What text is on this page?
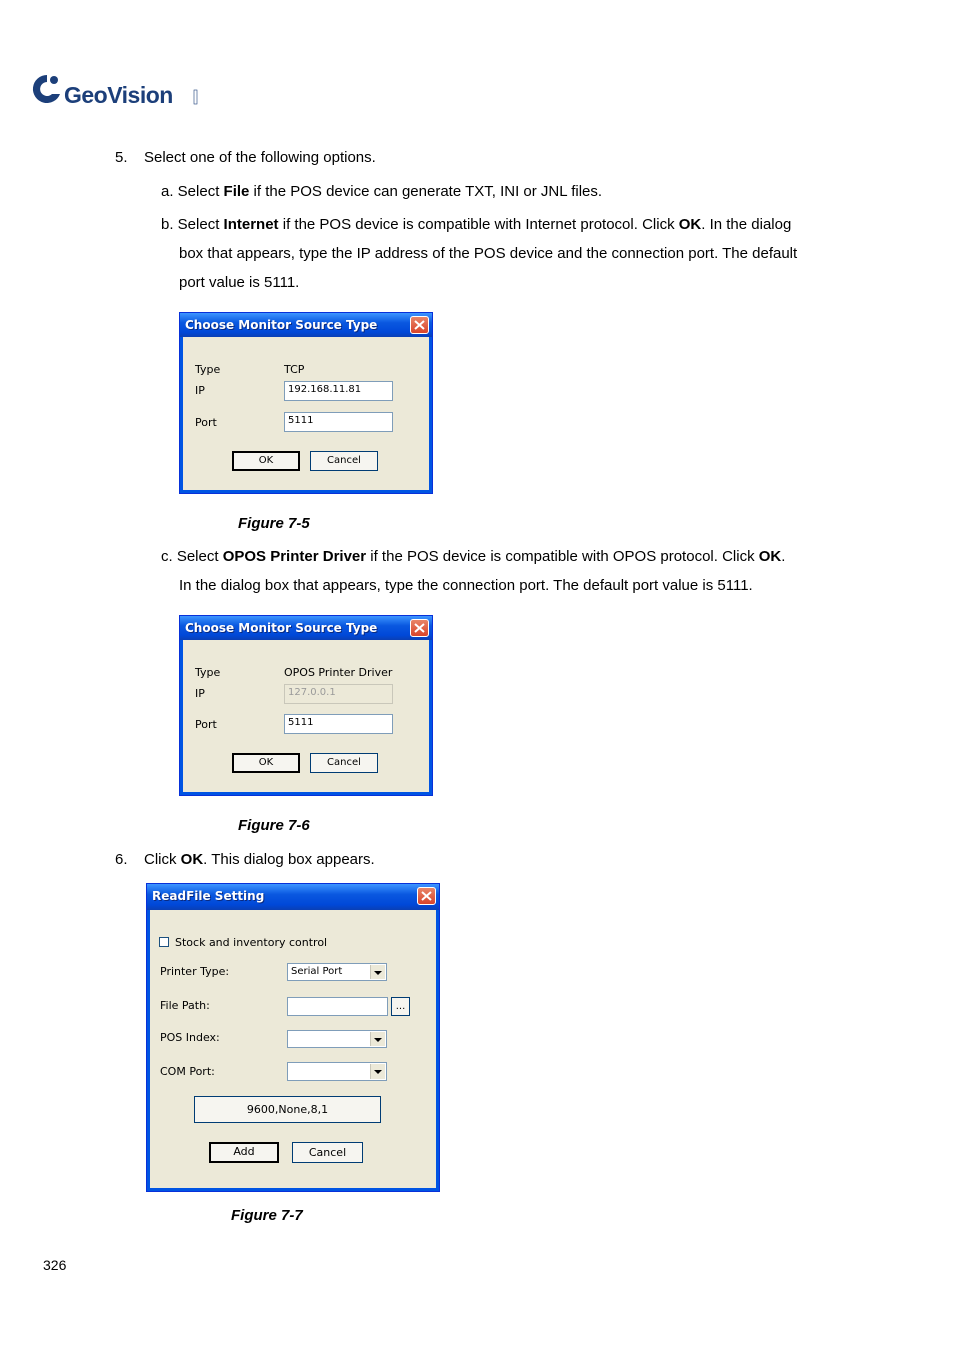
GeoVision
5. Select one of the following options.
a. Select File if the POS device can generate TXT, INI or JNL files.
b. Select Internet if the POS device is compatible with Internet protocol. Click OK. In the dialog
box that appears, type the IP address of the POS device and the connection port. The default
port value is 5111.
Choose Monitor Source Type
Type	TCP
IP	192.168.11.81
Port	5111
OK	Cancel
Figure 7-5
c. Select OPOS Printer Driver if the POS device is compatible with OPOS protocol. Click OK.
In the dialog box that appears, type the connection port. The default port value is 5111.
Choose Monitor Source Type
Type	OPOS Printer Driver
IP	127.0.0.1
Port	5111
OK	Cancel
Figure 7-6
6. Click OK. This dialog box appears.
ReadFile Setting
Stock and inventory control
Printer Type:	Serial Port
File Path:	...
POS Index:
COM Port:
9600,None,8,1
Add	Cancel
Figure 7-7
326
